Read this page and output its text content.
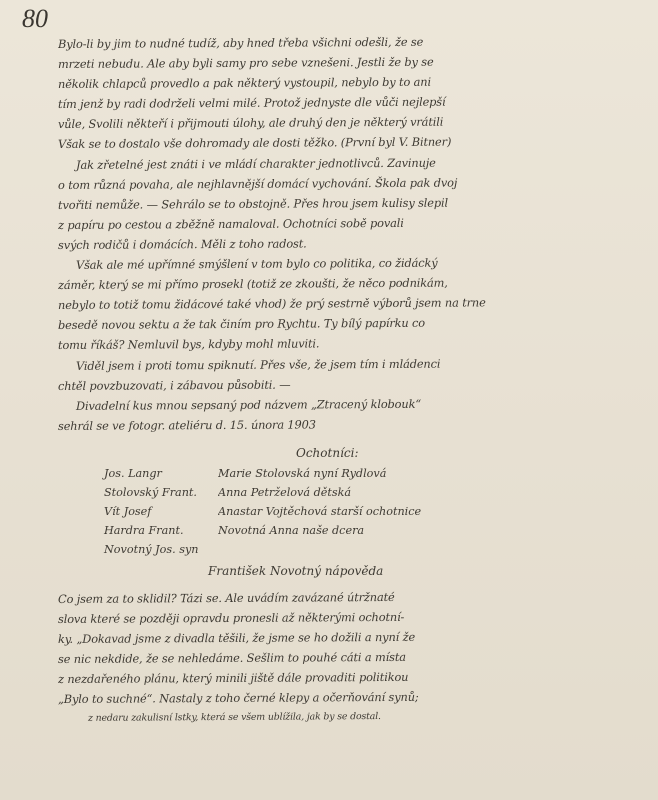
80
Bylo-li by jim to nudné tudíž, aby hned třeba všichni odešli, že se
mrzeti nebudu. Ale aby byli samy pro sebe vznešeni. Jestli že by se
několik chlapců provedlo a pak některý vystoupil, nebylo by to ani
tím jenž by radi dodrželi velmi milé. Protož jednyste dle vůči nejlepší
vůle, Svolili někteří i přijmouti úlohy, ale druhý den je některý vrátili
Však se to dostalo vše dohromady ale dosti těžko. (První byl V. Bitner)
Jak zřetelné jest znáti i ve mládí charakter jednotlivců. Zavinuje
o tom různá povaha, ale nejhlavnější domácí vychování. Škola pak dvoj
tvořiti nemůže. — Sehrálo se to obstojně. Přes hrou jsem kulisy slepil
z papíru po cestou a zběžně namaloval. Ochotníci sobě povali
svých rodičů i domácích. Měli z toho radost.
Však ale mé upřímné smýšlení v tom bylo co politika, co židácký
záměr, který se mi přímo prosekl (totiž ze zkoušti, že něco podnikám,
nebylo to totiž tomu židácové také vhod) že prý sestrně výborů jsem na trne
besedě novou sektu a že tak činím pro Rychtu. Ty bílý papírku co
tomu říkáš? Nemluvil bys, kdyby mohl mluviti.
Viděl jsem i proti tomu spiknutí. Přes vše, že jsem tím i mládenci
chtěl povzbuzovati, i zábavou působiti. —
Divadelní kus mnou sepsaný pod názvem „Ztracený klobouk“
sehrál se ve fotogr. ateliéru d. 15. února 1903
Ochotníci:
Jos. Langr	Marie Stolovská nyní Rydlová
Stolovský Frant.	Anna Petrželová dětská
Vít Josef	Anastar Vojtěchová starší ochotnice
Hardra Frant.	Novotná Anna naše dcera
Novotný Jos. syn
František Novotný nápověda
Co jsem za to sklidil? Tázi se. Ale uvádím zavázané útržnaté
slova které se později opravdu pronesli až některými ochotní-
ky. „Dokavad jsme z divadla těšili, že jsme se ho dožili a nyní že
se nic nekdide, že se nehledáme. Sešlim to pouhé cáti a místa
z nezdařeného plánu, který minili jiště dále provaditi politikou
„Bylo to suchné“. Nastaly z toho černé klepy a očerňování synů;
z nedaru zakulisní lstky, která se všem ublížila, jak by se dostal.
